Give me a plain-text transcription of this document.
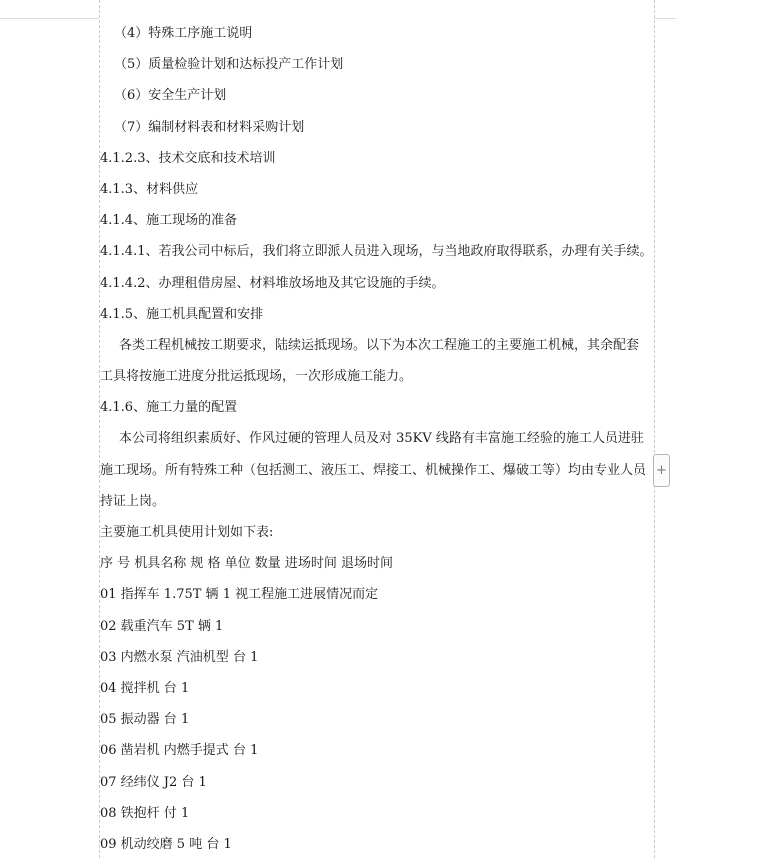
（4）特殊工序施工说明
（5）质量检验计划和达标投产工作计划
（6）安全生产计划
（7）编制材料表和材料采购计划
4.1.2.3、技术交底和技术培训
4.1.3、材料供应
4.1.4、施工现场的准备
4.1.4.1、若我公司中标后，我们将立即派人员进入现场，与当地政府取得联系，办理有关手续。
4.1.4.2、办理租借房屋、材料堆放场地及其它设施的手续。
4.1.5、施工机具配置和安排
各类工程机械按工期要求，陆续运抵现场。以下为本次工程施工的主要施工机械，其余配套
工具将按施工进度分批运抵现场，一次形成施工能力。
4.1.6、施工力量的配置
本公司将组织素质好、作风过硬的管理人员及对 35KV 线路有丰富施工经验的施工人员进驻
施工现场。所有特殊工种（包括测工、液压工、焊接工、机械操作工、爆破工等）均由专业人员
持证上岗。
主要施工机具使用计划如下表:
序 号 机具名称 规 格 单位 数量 进场时间 退场时间
01 指挥车 1.75T 辆 1 视工程施工进展情况而定
02 载重汽车 5T 辆 1
03 内燃水泵 汽油机型 台 1
04 搅拌机 台 1
05 振动器 台 1
06 凿岩机 内燃手提式 台 1
07 经纬仪 J2 台 1
08 铁抱杆 付 1
09 机动绞磨 5 吨 台 1
+
